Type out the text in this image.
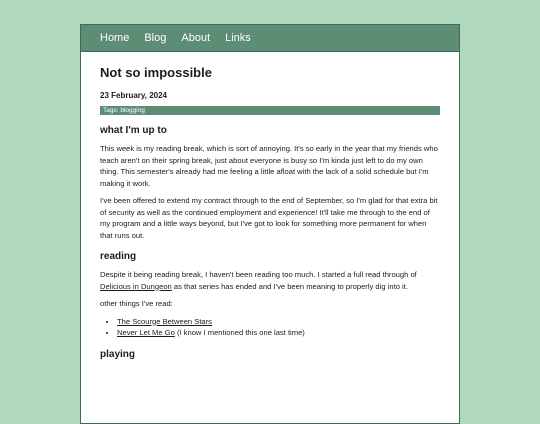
Home Blog About Links
Not so impossible
23 February, 2024
Tags: blogging
what I'm up to

This week is my reading break, which is sort of annoying. It's so early in the year that my friends who teach aren't on their spring break, just about everyone is busy so I'm kinda just left to do my own thing. This semester's already had me feeling a little afloat with the lack of a solid schedule but I'm making it work.

I've been offered to extend my contract through to the end of September, so I'm glad for that extra bit of security as well as the continued employment and experience! It'll take me through to the end of my program and a little ways beyond, but I've got to look for something more permanent for when that runs out.

reading

Despite it being reading break, I haven't been reading too much. I started a full read through of Delicious in Dungeon as that series has ended and I've been meaning to properly dig into it.

other things I've read:

• The Scourge Between Stars
• Never Let Me Go (I know I mentioned this one last time)
playing
